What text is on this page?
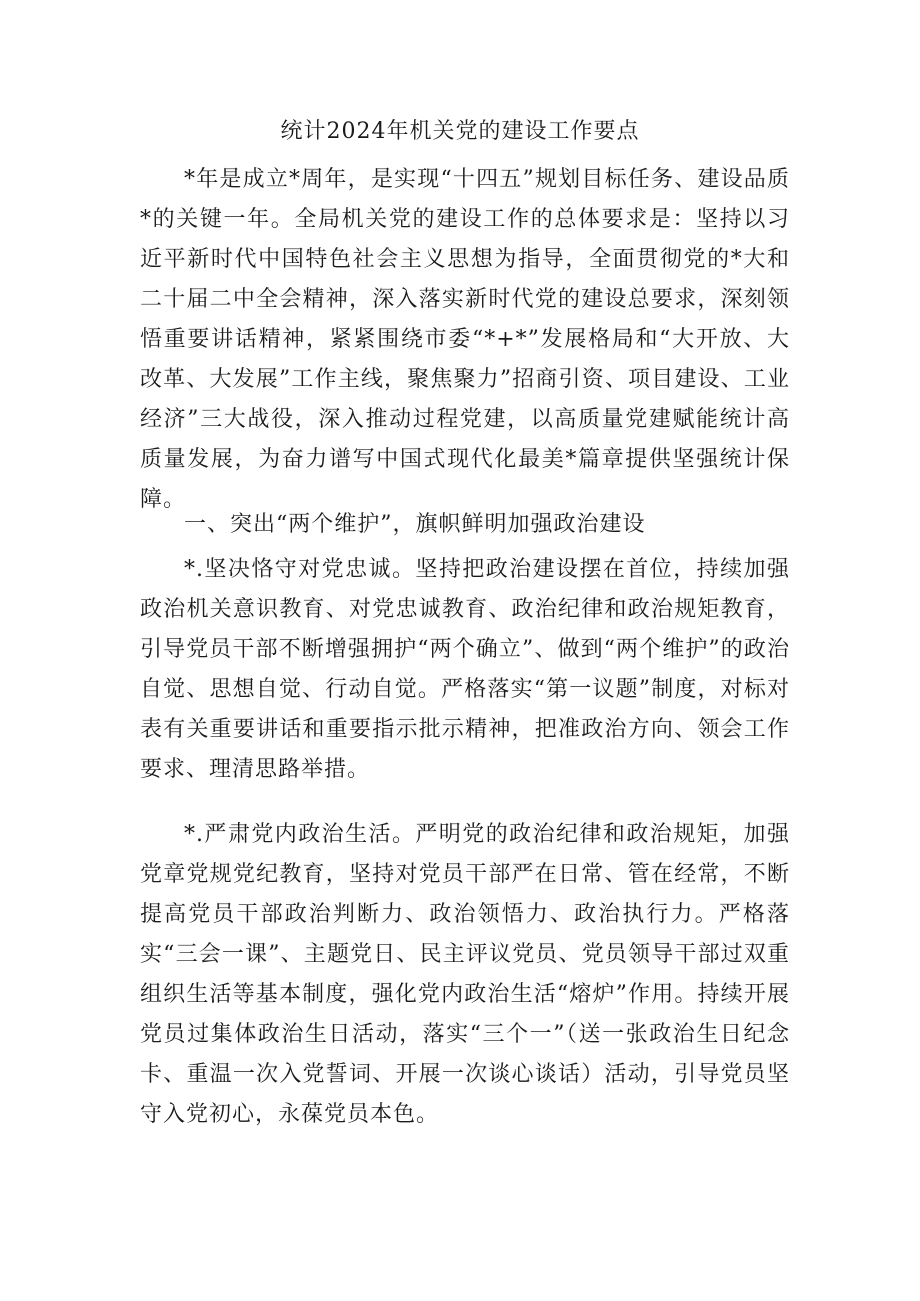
统计2024年机关党的建设工作要点

*年是成立*周年，是实现“十四五”规划目标任务、建设品质*的关键一年。全局机关党的建设工作的总体要求是：坚持以习近平新时代中国特色社会主义思想为指导，全面贯彻党的*大和二十届二中全会精神，深入落实新时代党的建设总要求，深刻领悟重要讲话精神，紧紧围绕市委“*+*”发展格局和“大开放、大改革、大发展”工作主线，聚焦聚力”招商引资、项目建设、工业经济”三大战役，深入推动过程党建，以高质量党建赋能统计高质量发展，为奋力谱写中国式现代化最美*篇章提供坚强统计保障。

一、突出“两个维护”，旗帜鲜明加强政治建设

*.坚决恪守对党忠诚。坚持把政治建设摆在首位，持续加强政治机关意识教育、对党忠诚教育、政治纪律和政治规矩教育，引导党员干部不断增强拥护“两个确立”、做到“两个维护”的政治自觉、思想自觉、行动自觉。严格落实“第一议题”制度，对标对表有关重要讲话和重要指示批示精神，把准政治方向、领会工作要求、理清思路举措。

*.严肃党内政治生活。严明党的政治纪律和政治规矩，加强党章党规党纪教育，坚持对党员干部严在日常、管在经常，不断提高党员干部政治判断力、政治领悟力、政治执行力。严格落实“三会一课”、主题党日、民主评议党员、党员领导干部过双重组织生活等基本制度，强化党内政治生活“熔炉”作用。持续开展党员过集体政治生日活动，落实“三个一”（送一张政治生日纪念卡、重温一次入党誓词、开展一次谈心谈话）活动，引导党员坚守入党初心，永葆党员本色。
